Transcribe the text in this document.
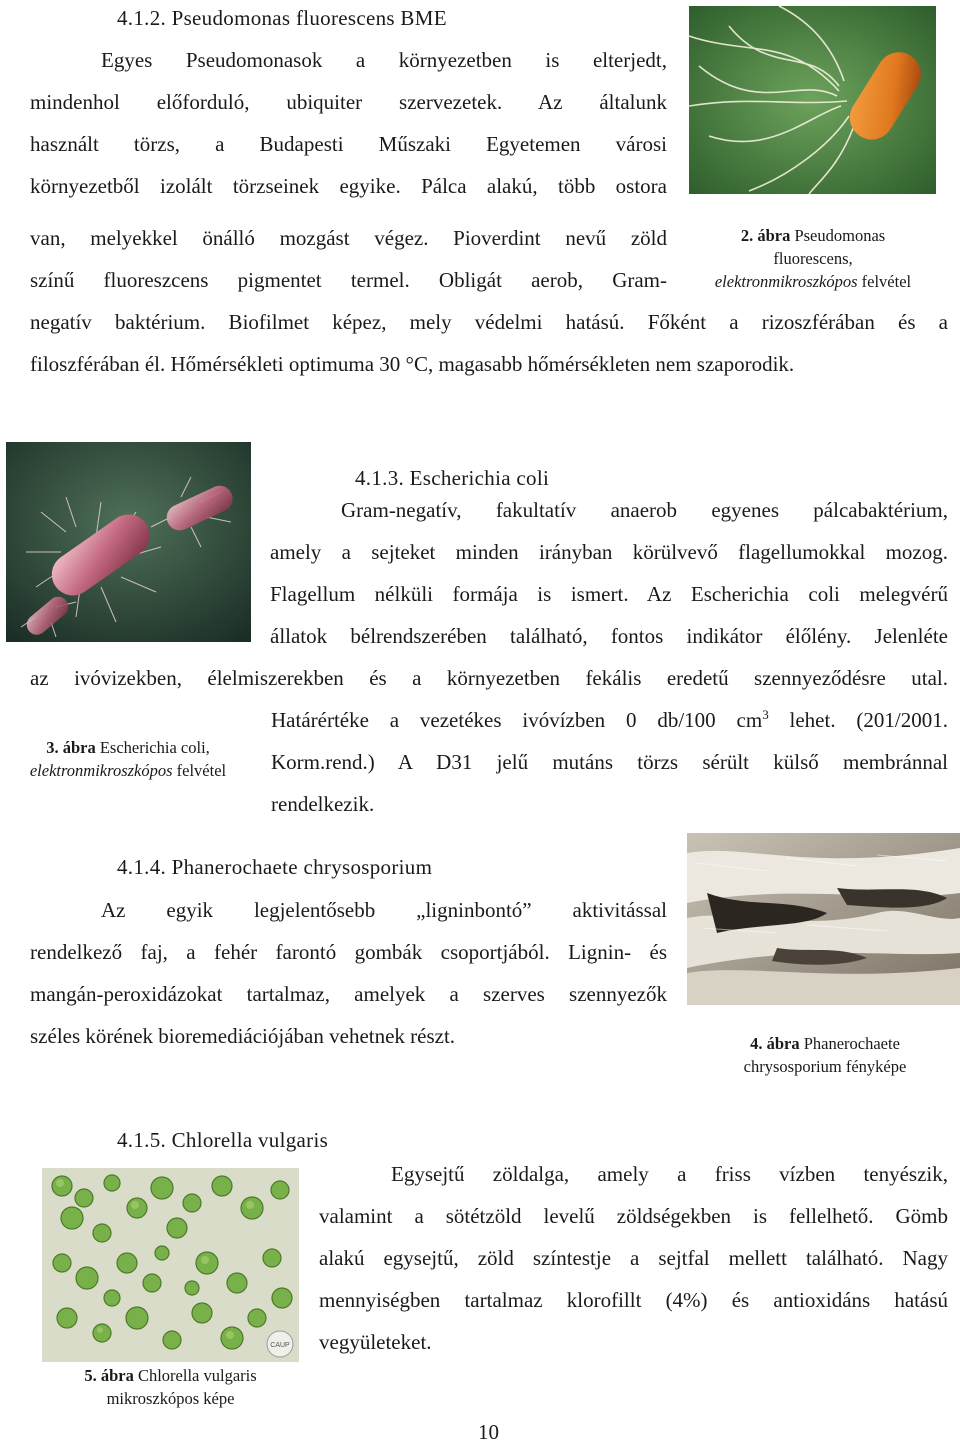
4.1.2. Pseudomonas fluorescens BME
Egyes Pseudomonasok a környezetben is elterjedt,
mindenhol előforduló, ubiquiter szervezetek. Az általunk
használt törzs, a Budapesti Műszaki Egyetemen városi
környezetből izolált törzseinek egyike. Pálca alakú, több ostora
van, melyekkel önálló mozgást végez. Pioverdint nevű zöld
színű fluoreszcens pigmentet termel. Obligát aerob, Gram-
negatív baktérium. Biofilmet képez, mely védelmi hatású. Főként a rizoszférában és a
filoszférában él. Hőmérsékleti optimuma 30 °C, magasabb hőmérsékleten nem szaporodik.
2. ábra Pseudomonas
fluorescens,
elektronmikroszkópos felvétel
4.1.3. Escherichia coli
Gram-negatív, fakultatív anaerob egyenes pálcabaktérium,
amely a sejteket minden irányban körülvevő flagellumokkal mozog.
Flagellum nélküli formája is ismert. Az Escherichia coli melegvérű
állatok bélrendszerében található, fontos indikátor élőlény. Jelenléte
az ivóvizekben, élelmiszerekben és a környezetben fekális eredetű szennyeződésre utal.
Határértéke a vezetékes ivóvízben 0 db/100 $cm^3$ lehet. (201/2001.
Korm.rend.) A D31 jelű mutáns törzs sérült külső membránnal
rendelkezik.
3. ábra Escherichia coli,
elektronmikroszkópos felvétel
4.1.4. Phanerochaete chrysosporium
Az egyik legjelentősebb „ligninbontó” aktivitással
rendelkező faj, a fehér farontó gombák csoportjából. Lignin- és
mangán-peroxidázokat tartalmaz, amelyek a szerves szennyezők
széles körének bioremediációjában vehetnek részt.	4. ábra Phanerochaete
chrysosporium fényképe
4.1.5. Chlorella vulgaris
Egysejtű zöldalga, amely a friss vízben tenyészik,
valamint a sötétzöld levelű zöldségekben is fellelhető. Gömb
alakú egysejtű, zöld színtestje a sejtfal mellett található. Nagy
mennyiségben tartalmaz klorofillt (4%) és antioxidáns hatású
vegyületeket.
CAUP
5. ábra Chlorella vulgaris
mikroszkópos képe
10
